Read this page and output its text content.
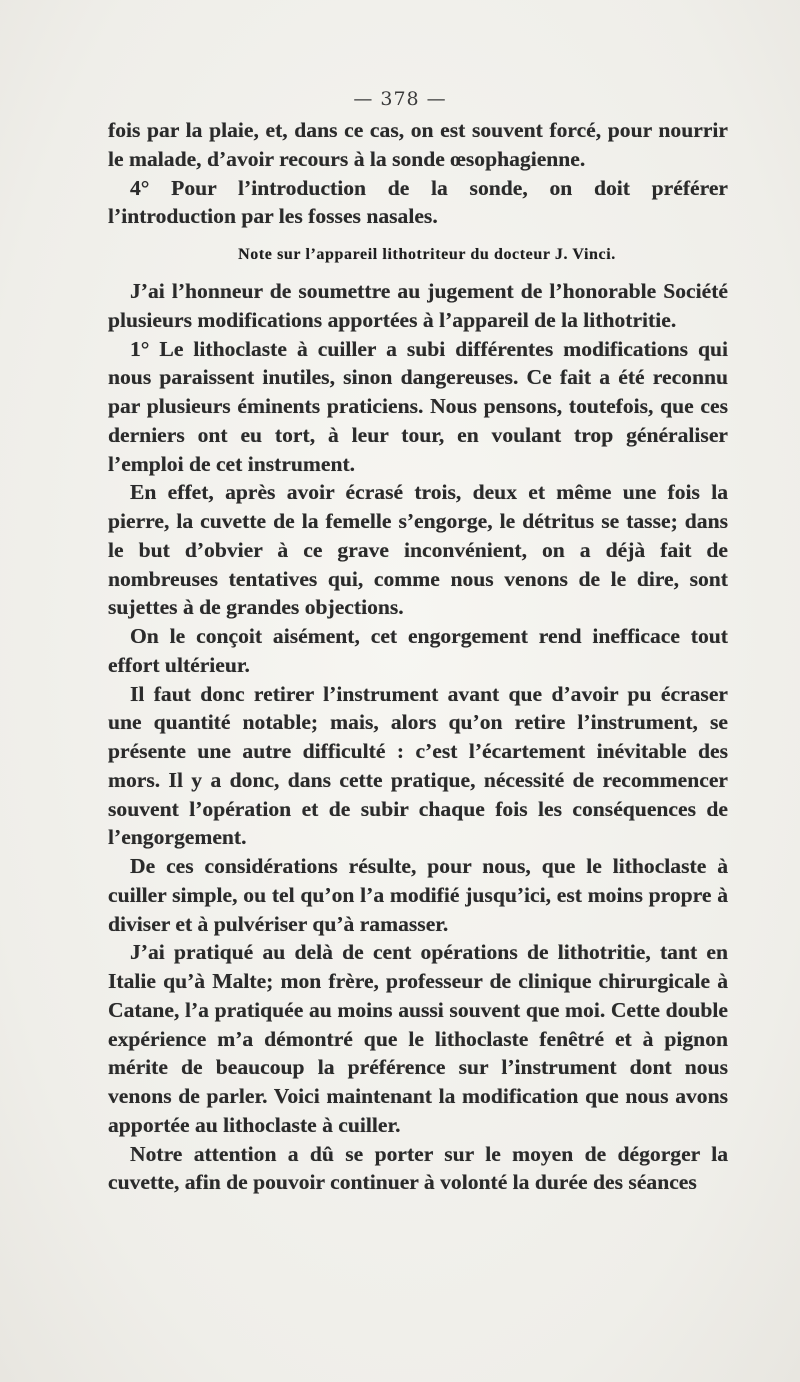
— 378 —

fois par la plaie, et, dans ce cas, on est souvent forcé, pour nourrir le malade, d’avoir recours à la sonde œsophagienne.

4° Pour l’introduction de la sonde, on doit préférer l’introduction par les fosses nasales.

Note sur l’appareil lithotriteur du docteur J. Vinci.

J’ai l’honneur de soumettre au jugement de l’honorable Société plusieurs modifications apportées à l’appareil de la lithotritie.

1° Le lithoclaste à cuiller a subi différentes modifications qui nous paraissent inutiles, sinon dangereuses. Ce fait a été reconnu par plusieurs éminents praticiens. Nous pensons, toutefois, que ces derniers ont eu tort, à leur tour, en voulant trop généraliser l’emploi de cet instrument.

En effet, après avoir écrasé trois, deux et même une fois la pierre, la cuvette de la femelle s’engorge, le détritus se tasse; dans le but d’obvier à ce grave inconvénient, on a déjà fait de nombreuses tentatives qui, comme nous venons de le dire, sont sujettes à de grandes objections.

On le conçoit aisément, cet engorgement rend inefficace tout effort ultérieur.

Il faut donc retirer l’instrument avant que d’avoir pu écraser une quantité notable; mais, alors qu’on retire l’instrument, se présente une autre difficulté : c’est l’écartement inévitable des mors. Il y a donc, dans cette pratique, nécessité de recommencer souvent l’opération et de subir chaque fois les conséquences de l’engorgement.

De ces considérations résulte, pour nous, que le lithoclaste à cuiller simple, ou tel qu’on l’a modifié jusqu’ici, est moins propre à diviser et à pulvériser qu’à ramasser.

J’ai pratiqué au delà de cent opérations de lithotritie, tant en Italie qu’à Malte; mon frère, professeur de clinique chirurgicale à Catane, l’a pratiquée au moins aussi souvent que moi. Cette double expérience m’a démontré que le lithoclaste fenêtré et à pignon mérite de beaucoup la préférence sur l’instrument dont nous venons de parler. Voici maintenant la modification que nous avons apportée au lithoclaste à cuiller.

Notre attention a dû se porter sur le moyen de dégorger la cuvette, afin de pouvoir continuer à volonté la durée des séances
